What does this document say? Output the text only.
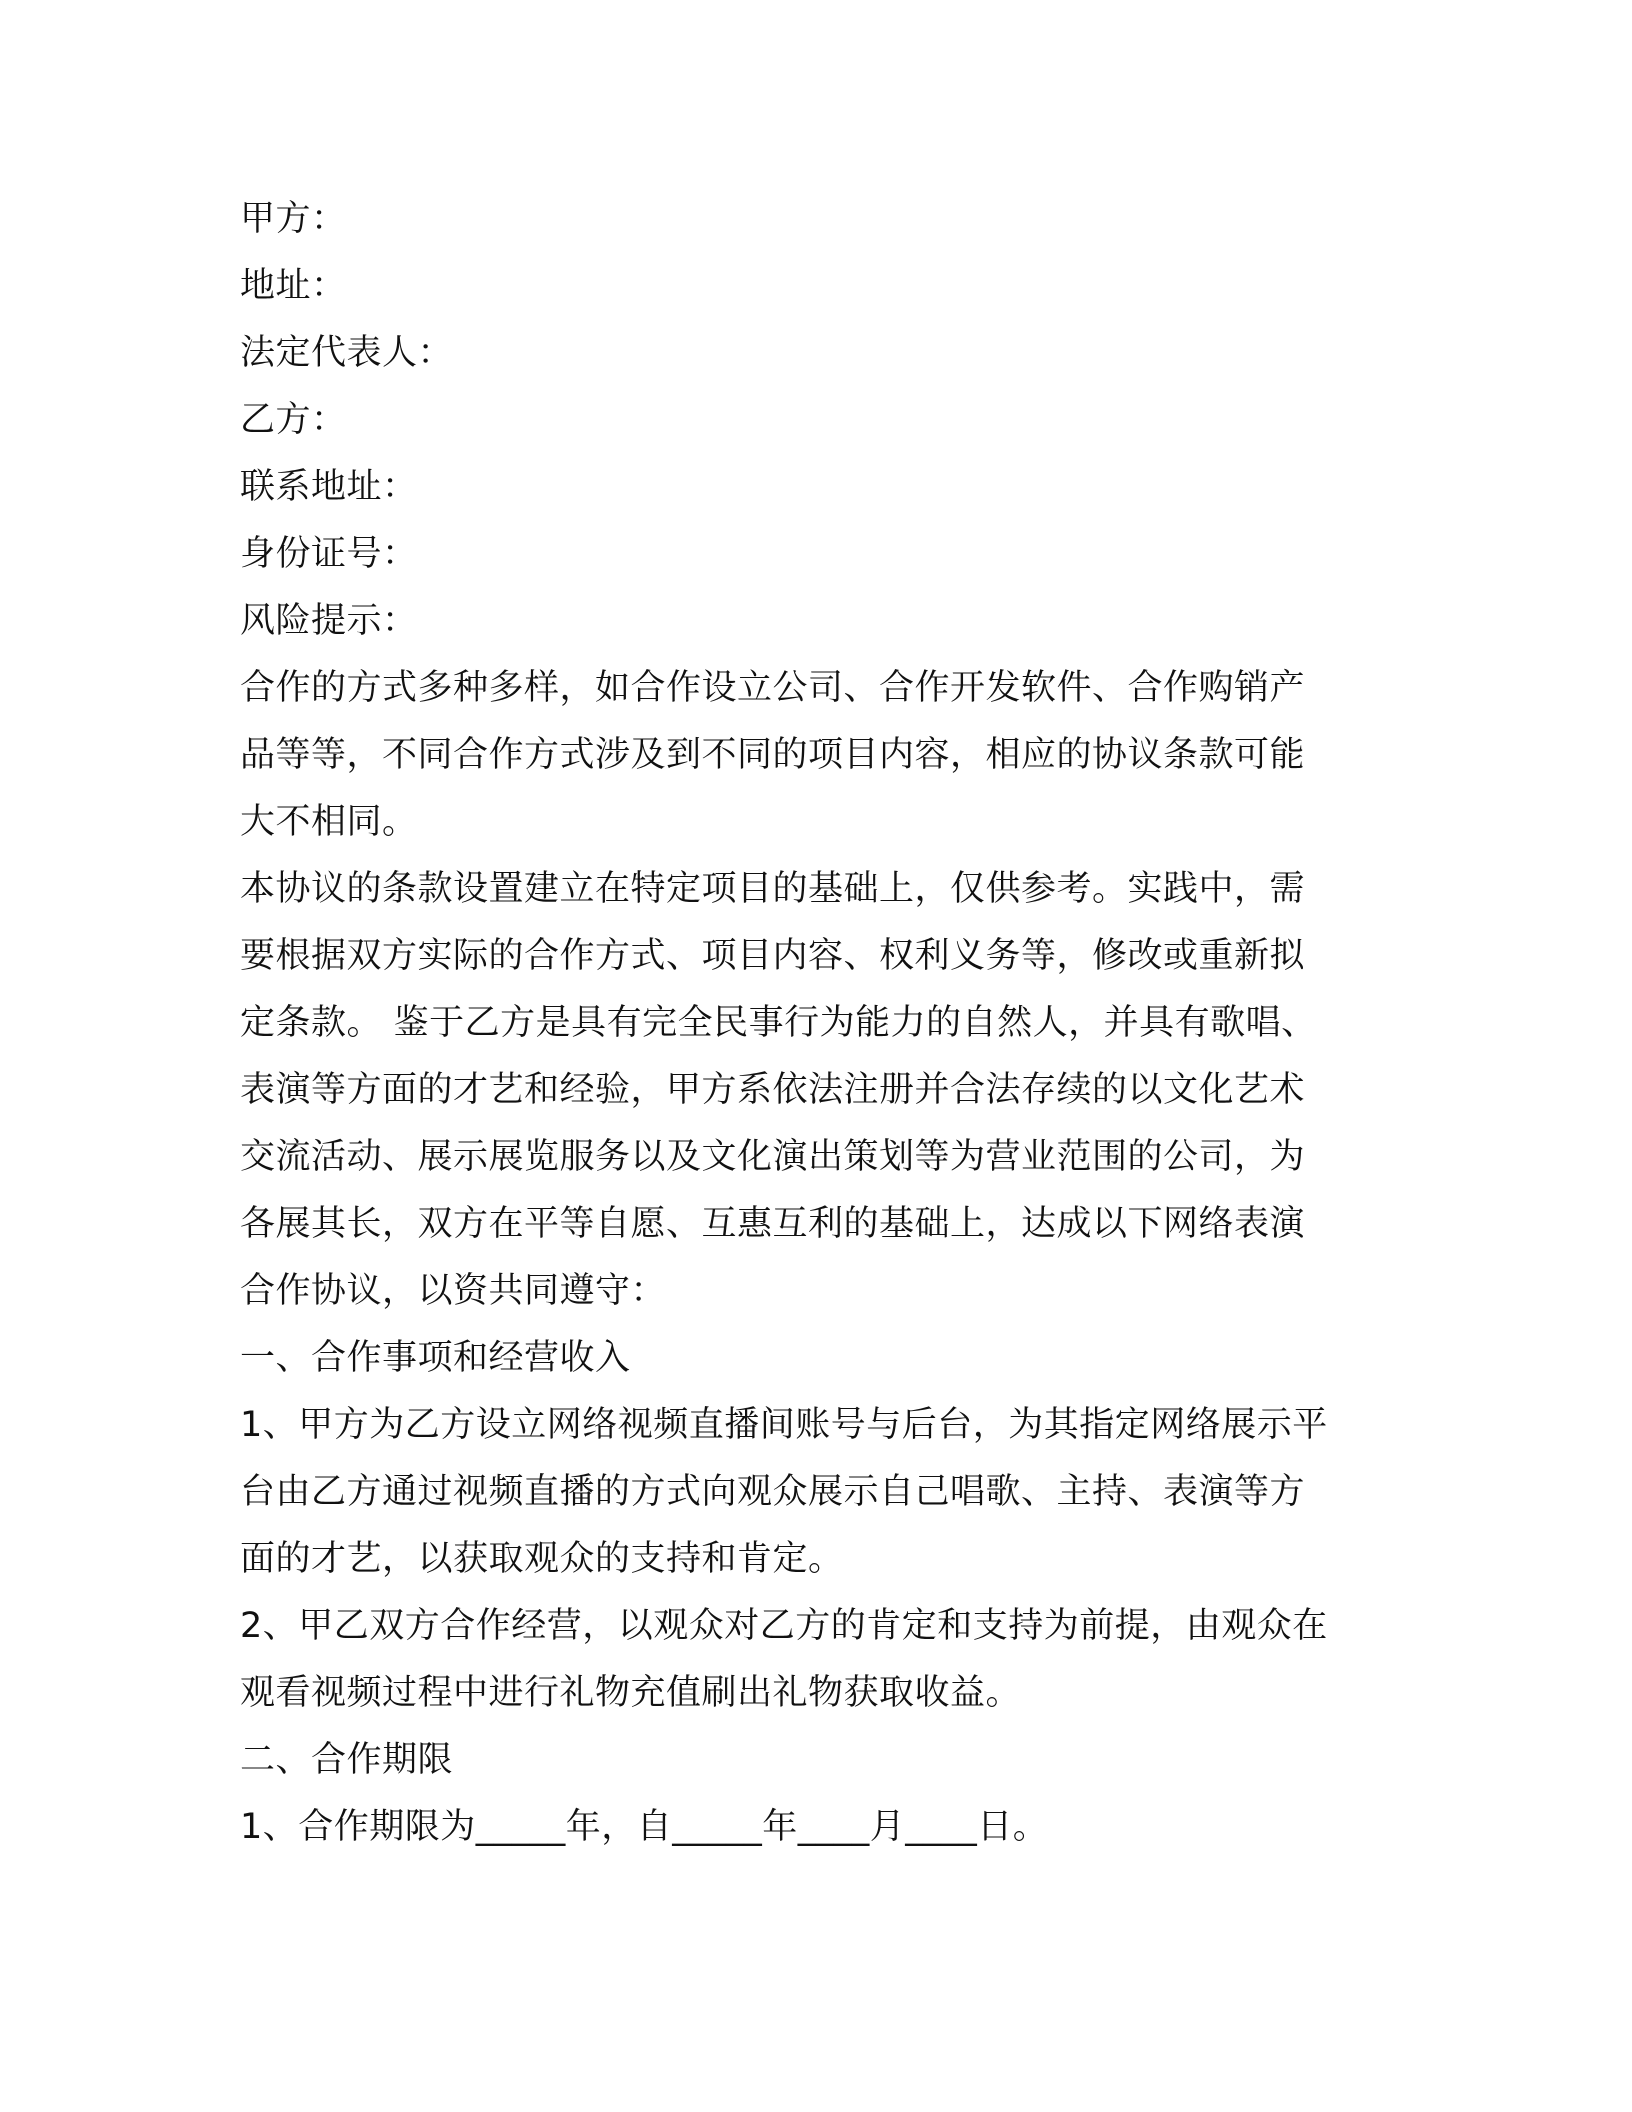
甲方：
地址：
法定代表人：
乙方：
联系地址：
身份证号：
风险提示：
合作的方式多种多样，如合作设立公司、合作开发软件、合作购销产
品等等，不同合作方式涉及到不同的项目内容，相应的协议条款可能
大不相同。
本协议的条款设置建立在特定项目的基础上，仅供参考。实践中，需
要根据双方实际的合作方式、项目内容、权利义务等，修改或重新拟
定条款。 鉴于乙方是具有完全民事行为能力的自然人，并具有歌唱、
表演等方面的才艺和经验，甲方系依法注册并合法存续的以文化艺术
交流活动、展示展览服务以及文化演出策划等为营业范围的公司，为
各展其长，双方在平等自愿、互惠互利的基础上，达成以下网络表演
合作协议，以资共同遵守：
一、合作事项和经营收入
1、甲方为乙方设立网络视频直播间账号与后台，为其指定网络展示平
台由乙方通过视频直播的方式向观众展示自己唱歌、主持、表演等方
面的才艺，以获取观众的支持和肯定。
2、甲乙双方合作经营，以观众对乙方的肯定和支持为前提，由观众在
观看视频过程中进行礼物充值刷出礼物获取收益。
二、合作期限
1、合作期限为_____年，自_____年____月____日。
